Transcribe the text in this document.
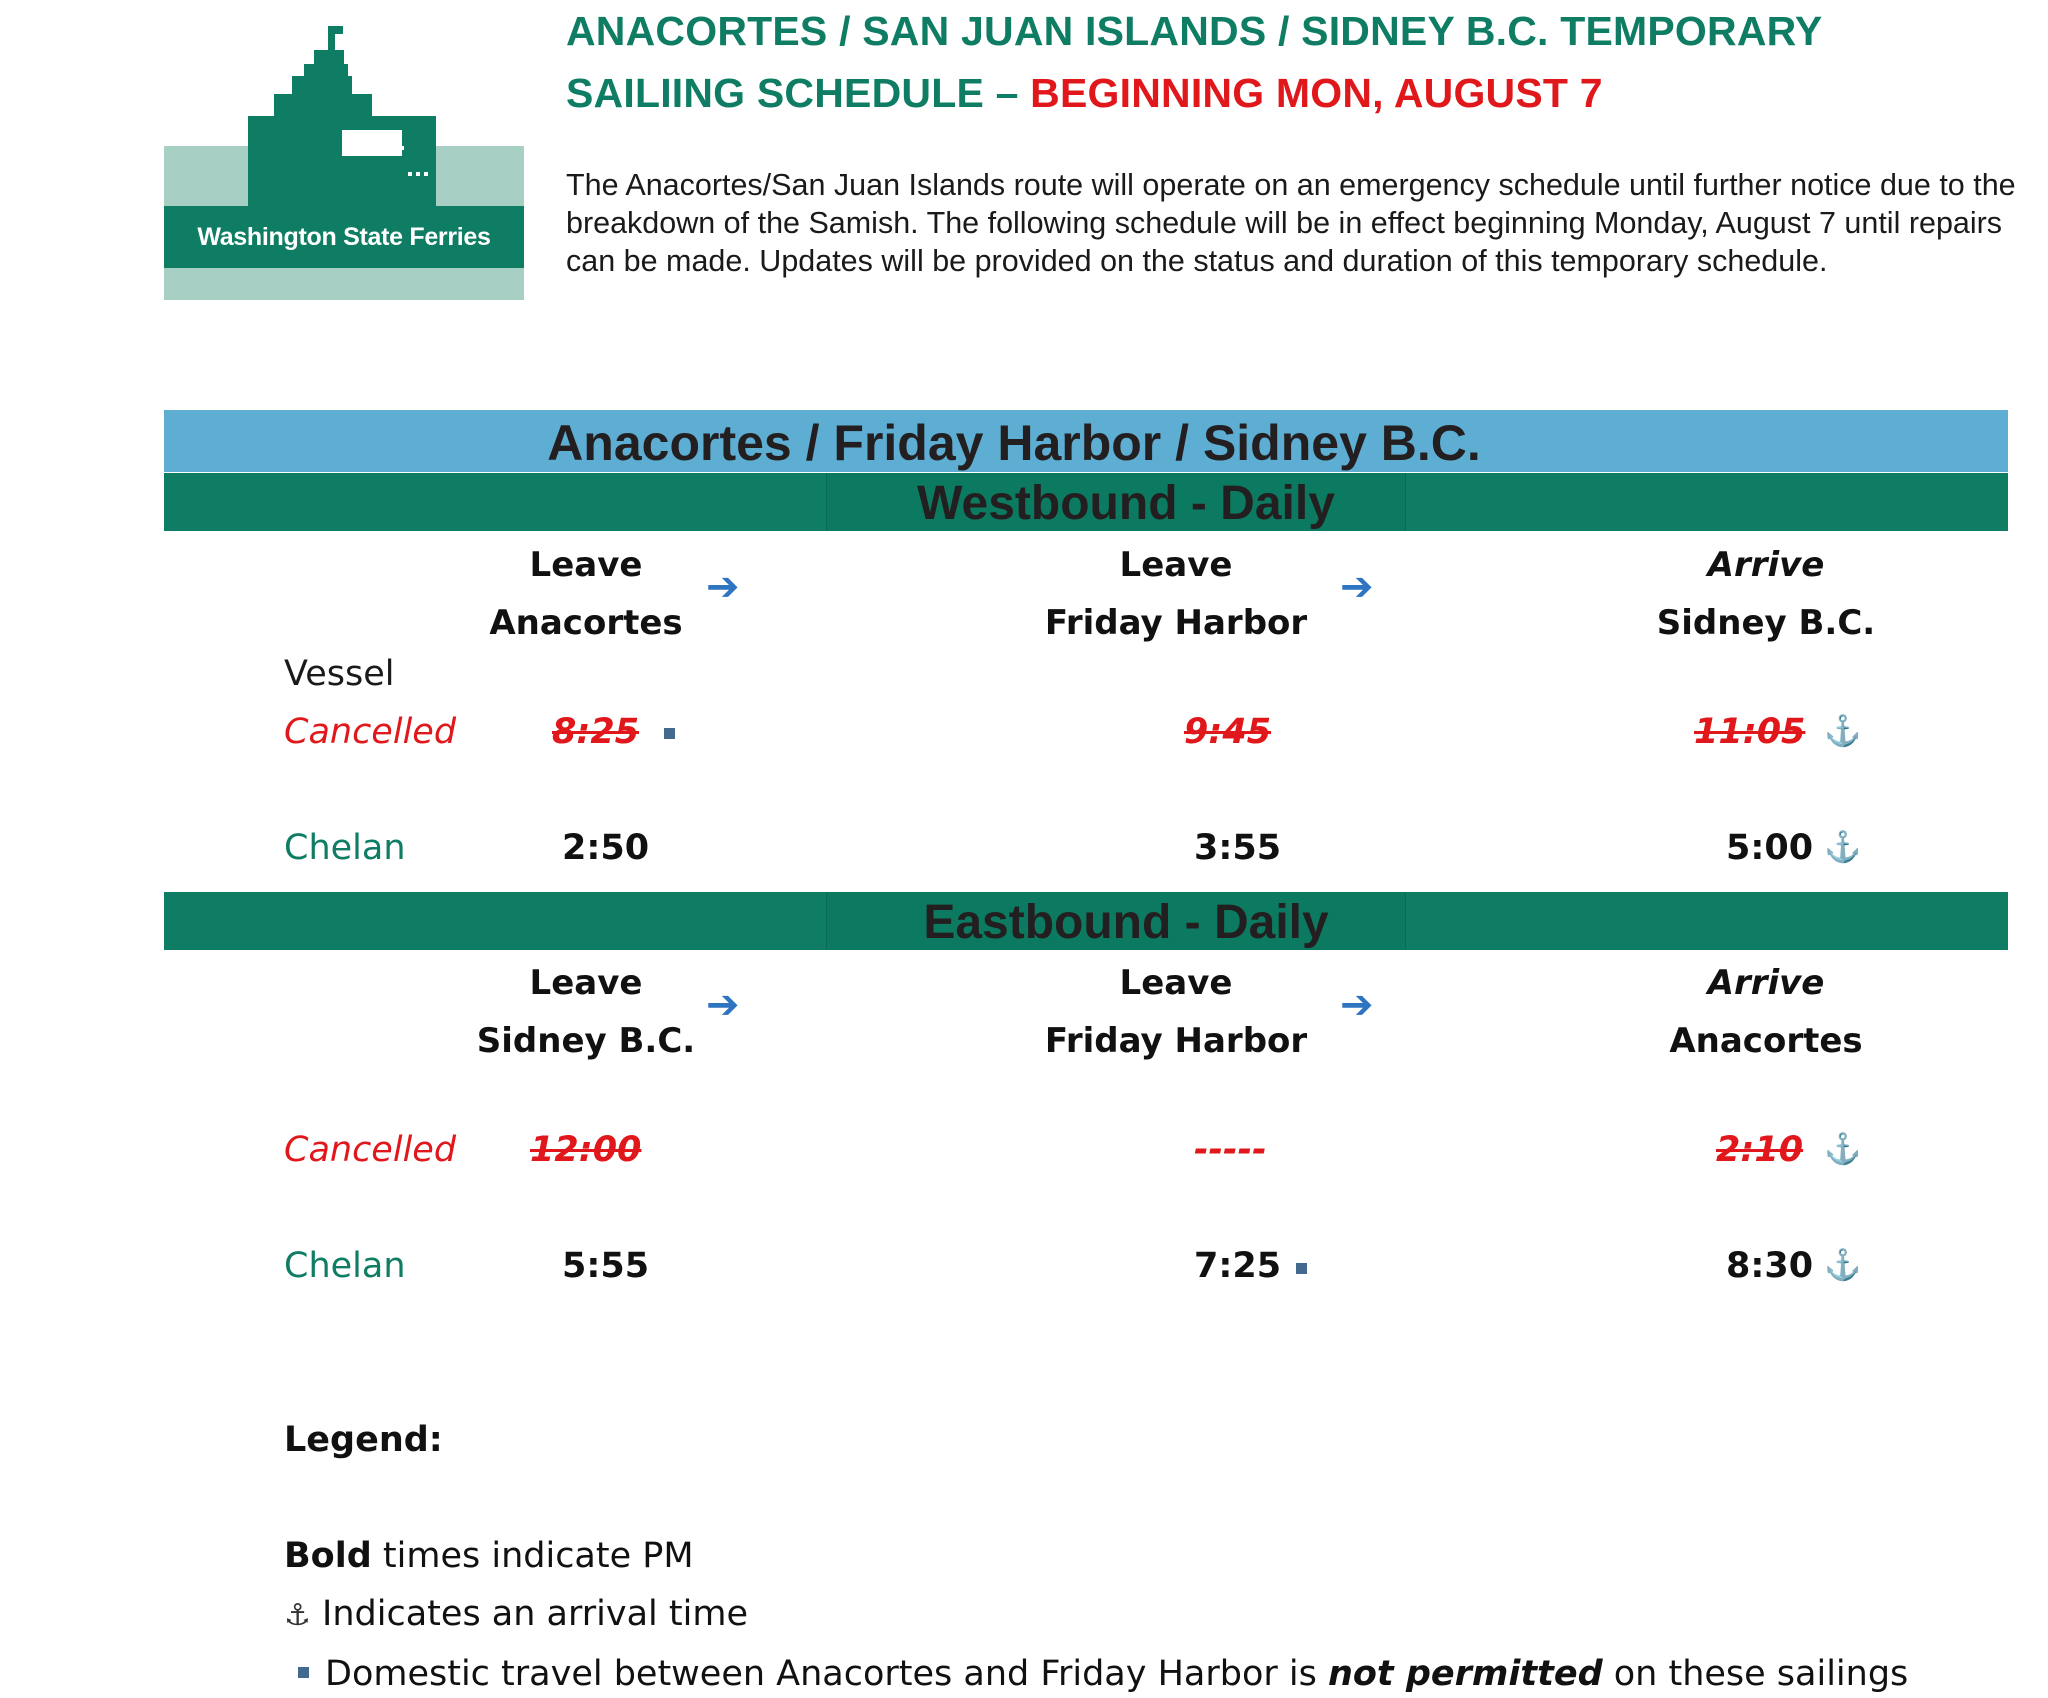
Washington State Ferries
ANACORTES / SAN JUAN ISLANDS / SIDNEY B.C. TEMPORARY
SAILIING SCHEDULE – BEGINNING MON, AUGUST 7
The Anacortes/San Juan Islands route will operate on an emergency schedule until further notice due to the breakdown of the Samish. The following schedule will be in effect beginning Monday, August 7 until repairs can be made. Updates will be provided on the status and duration of this temporary schedule.
Anacortes / Friday Harbor / Sidney B.C.
Westbound - Daily
Leave
Anacortes
➔	Leave
Friday Harbor
➔	Arrive
Sidney B.C.
Vessel
Cancelled	8:25	9:45	11:05 ⚓
Chelan	2:50	3:55	5:00 ⚓
Eastbound - Daily
Leave
Sidney B.C.
➔	Leave
Friday Harbor
➔	Arrive
Anacortes
Cancelled 12:00	-----	2:10 ⚓
Chelan	5:55	7:25	8:30 ⚓
Legend:
Bold times indicate PM
⚓ Indicates an arrival time
Domestic travel between Anacortes and Friday Harbor is not permitted on these sailings
